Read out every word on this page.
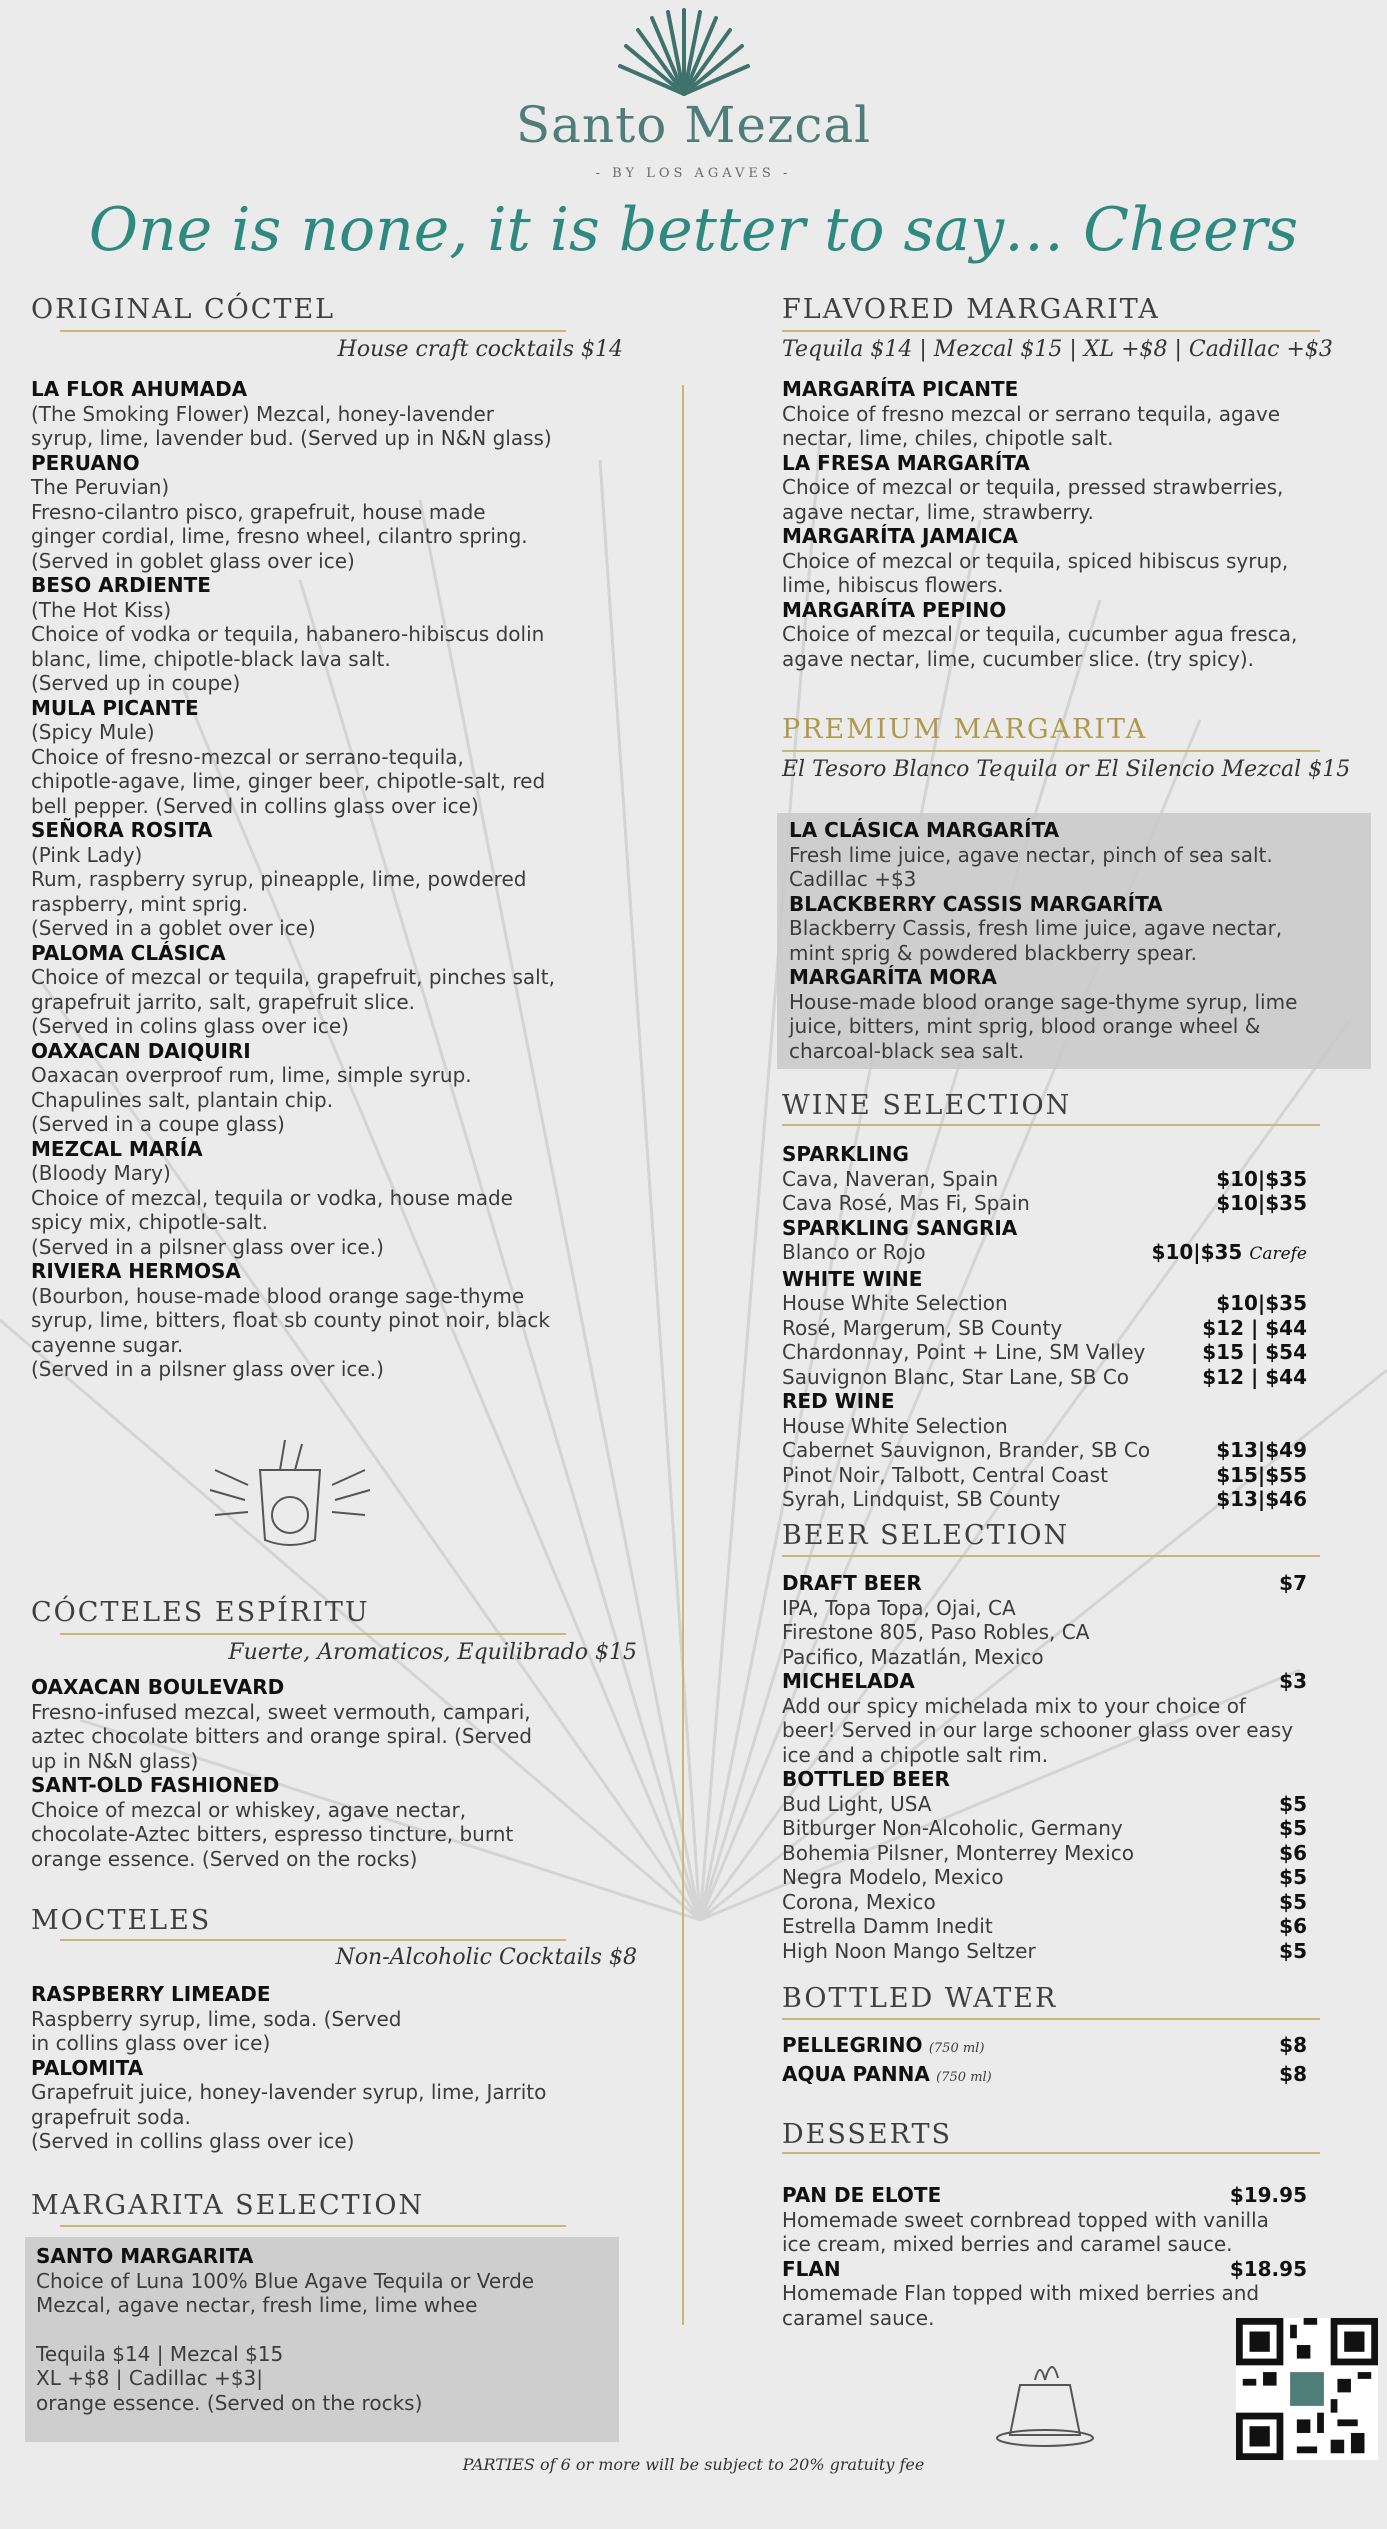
Santo Mezcal
- BY LOS AGAVES -
One is none, it is better to say… Cheers
ORIGINAL CÓCTEL
House craft cocktails $14
LA FLOR AHUMADA
(The Smoking Flower) Mezcal, honey-lavender
syrup, lime, lavender bud. (Served up in N&N glass)
PERUANO
The Peruvian)
Fresno-cilantro pisco, grapefruit, house made
ginger cordial, lime, fresno wheel, cilantro spring.
(Served in goblet glass over ice)
BESO ARDIENTE
(The Hot Kiss)
Choice of vodka or tequila, habanero-hibiscus dolin
blanc, lime, chipotle-black lava salt.
(Served up in coupe)
MULA PICANTE
(Spicy Mule)
Choice of fresno-mezcal or serrano-tequila,
chipotle-agave, lime, ginger beer, chipotle-salt, red
bell pepper. (Served in collins glass over ice)
SEÑORA ROSITA
(Pink Lady)
Rum, raspberry syrup, pineapple, lime, powdered
raspberry, mint sprig.
(Served in a goblet over ice)
PALOMA CLÁSICA
Choice of mezcal or tequila, grapefruit, pinches salt,
grapefruit jarrito, salt, grapefruit slice.
(Served in colins glass over ice)
OAXACAN DAIQUIRI
Oaxacan overproof rum, lime, simple syrup.
Chapulines salt, plantain chip.
(Served in a coupe glass)
MEZCAL MARÍA
(Bloody Mary)
Choice of mezcal, tequila or vodka, house made
spicy mix, chipotle-salt.
(Served in a pilsner glass over ice.)
RIVIERA HERMOSA
(Bourbon, house-made blood orange sage-thyme
syrup, lime, bitters, float sb county pinot noir, black
cayenne sugar.
(Served in a pilsner glass over ice.)
CÓCTELES ESPÍRITU
Fuerte, Aromaticos, Equilibrado $15
OAXACAN BOULEVARD
Fresno-infused mezcal, sweet vermouth, campari,
aztec chocolate bitters and orange spiral. (Served
up in N&N glass)
SANT-OLD FASHIONED
Choice of mezcal or whiskey, agave nectar,
chocolate-Aztec bitters, espresso tincture, burnt
orange essence. (Served on the rocks)
MOCTELES
Non-Alcoholic Cocktails $8
RASPBERRY LIMEADE
Raspberry syrup, lime, soda. (Served
in collins glass over ice)
PALOMITA
Grapefruit juice, honey-lavender syrup, lime, Jarrito
grapefruit soda.
(Served in collins glass over ice)
MARGARITA SELECTION
SANTO MARGARITA
Choice of Luna 100% Blue Agave Tequila or Verde
Mezcal, agave nectar, fresh lime, lime whee
Tequila $14 | Mezcal $15
XL +$8 | Cadillac +$3|
orange essence. (Served on the rocks)
FLAVORED MARGARITA
Tequila $14 | Mezcal $15 | XL +$8 | Cadillac +$3
MARGARÍTA PICANTE
Choice of fresno mezcal or serrano tequila, agave
nectar, lime, chiles, chipotle salt.
LA FRESA MARGARÍTA
Choice of mezcal or tequila, pressed strawberries,
agave nectar, lime, strawberry.
MARGARÍTA JAMAICA
Choice of mezcal or tequila, spiced hibiscus syrup,
lime, hibiscus flowers.
MARGARÍTA PEPINO
Choice of mezcal or tequila, cucumber agua fresca,
agave nectar, lime, cucumber slice. (try spicy).
PREMIUM MARGARITA
El Tesoro Blanco Tequila or El Silencio Mezcal $15
LA CLÁSICA MARGARÍTA
Fresh lime juice, agave nectar, pinch of sea salt.
Cadillac +$3
BLACKBERRY CASSIS MARGARÍTA
Blackberry Cassis, fresh lime juice, agave nectar,
mint sprig & powdered blackberry spear.
MARGARÍTA MORA
House-made blood orange sage-thyme syrup, lime
juice, bitters, mint sprig, blood orange wheel &
charcoal-black sea salt.
WINE SELECTION
SPARKLING
Cava, Naveran, Spain	$10|$35
Cava Rosé, Mas Fi, Spain	$10|$35
SPARKLING SANGRIA
Blanco or Rojo	$10|$35 Carefe
WHITE WINE
House White Selection	$10|$35
Rosé, Margerum, SB County	$12 | $44
Chardonnay, Point + Line, SM Valley	$15 | $54
Sauvignon Blanc, Star Lane, SB Co	$12 | $44
RED WINE
House White Selection
Cabernet Sauvignon, Brander, SB Co	$13|$49
Pinot Noir, Talbott, Central Coast	$15|$55
Syrah, Lindquist, SB County	$13|$46
BEER SELECTION
DRAFT BEER	$7
IPA, Topa Topa, Ojai, CA
Firestone 805, Paso Robles, CA
Pacifico, Mazatlán, Mexico
MICHELADA	$3
Add our spicy michelada mix to your choice of
beer! Served in our large schooner glass over easy
ice and a chipotle salt rim.
BOTTLED BEER
Bud Light, USA	$5
Bitburger Non-Alcoholic, Germany	$5
Bohemia Pilsner, Monterrey Mexico	$6
Negra Modelo, Mexico	$5
Corona, Mexico	$5
Estrella Damm Inedit	$6
High Noon Mango Seltzer	$5
BOTTLED WATER
PELLEGRINO (750 ml)	$8
AQUA PANNA (750 ml)	$8
DESSERTS
PAN DE ELOTE	$19.95
Homemade sweet cornbread topped with vanilla
ice cream, mixed berries and caramel sauce.
FLAN	$18.95
Homemade Flan topped with mixed berries and
caramel sauce.
PARTIES of 6 or more will be subject to 20% gratuity fee
